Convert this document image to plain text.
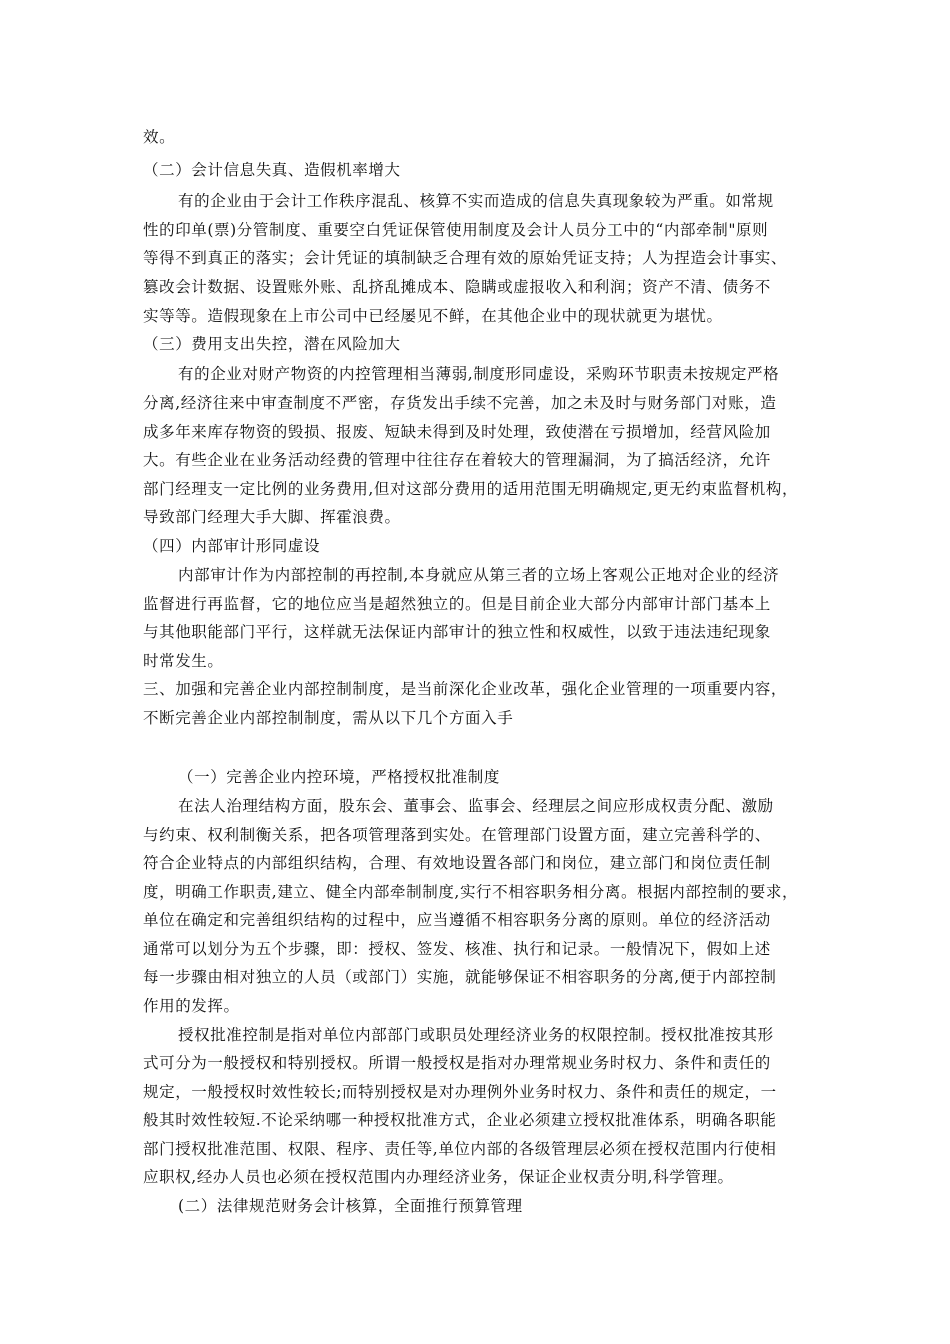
效。
（二）会计信息失真、造假机率增大
有的企业由于会计工作秩序混乱、核算不实而造成的信息失真现象较为严重。如常规
性的印单(票)分管制度、重要空白凭证保管使用制度及会计人员分工中的“内部牵制"原则
等得不到真正的落实；会计凭证的填制缺乏合理有效的原始凭证支持；人为捏造会计事实、
篡改会计数据、设置账外账、乱挤乱摊成本、隐瞒或虚报收入和利润；资产不清、债务不
实等等。造假现象在上市公司中已经屡见不鲜，在其他企业中的现状就更为堪忧。
（三）费用支出失控，潜在风险加大
有的企业对财产物资的内控管理相当薄弱,制度形同虚设，采购环节职责未按规定严格
分离,经济往来中审查制度不严密，存货发出手续不完善，加之未及时与财务部门对账，造
成多年来库存物资的毁损、报废、短缺未得到及时处理，致使潜在亏损增加，经营风险加
大。有些企业在业务活动经费的管理中往往存在着较大的管理漏洞，为了搞活经济，允许
部门经理支一定比例的业务费用,但对这部分费用的适用范围无明确规定,更无约束监督机构，
导致部门经理大手大脚、挥霍浪费。
（四）内部审计形同虚设
内部审计作为内部控制的再控制,本身就应从第三者的立场上客观公正地对企业的经济
监督进行再监督，它的地位应当是超然独立的。但是目前企业大部分内部审计部门基本上
与其他职能部门平行，这样就无法保证内部审计的独立性和权威性，以致于违法违纪现象
时常发生。
三、加强和完善企业内部控制制度，是当前深化企业改革，强化企业管理的一项重要内容，
不断完善企业内部控制制度，需从以下几个方面入手
（一）完善企业内控环境，严格授权批准制度
在法人治理结构方面，股东会、董事会、监事会、经理层之间应形成权责分配、激励
与约束、权利制衡关系，把各项管理落到实处。在管理部门设置方面，建立完善科学的、
符合企业特点的内部组织结构，合理、有效地设置各部门和岗位，建立部门和岗位责任制
度，明确工作职责,建立、健全内部牵制制度,实行不相容职务相分离。根据内部控制的要求，
单位在确定和完善组织结构的过程中，应当遵循不相容职务分离的原则。单位的经济活动
通常可以划分为五个步骤，即：授权、签发、核准、执行和记录。一般情况下，假如上述
每一步骤由相对独立的人员（或部门）实施，就能够保证不相容职务的分离,便于内部控制
作用的发挥。
授权批准控制是指对单位内部部门或职员处理经济业务的权限控制。授权批准按其形
式可分为一般授权和特别授权。所谓一般授权是指对办理常规业务时权力、条件和责任的
规定，一般授权时效性较长;而特别授权是对办理例外业务时权力、条件和责任的规定，一
般其时效性较短.不论采纳哪一种授权批准方式，企业必须建立授权批准体系，明确各职能
部门授权批准范围、权限、程序、责任等,单位内部的各级管理层必须在授权范围内行使相
应职权,经办人员也必须在授权范围内办理经济业务，保证企业权责分明,科学管理。
(二）法律规范财务会计核算，全面推行预算管理
